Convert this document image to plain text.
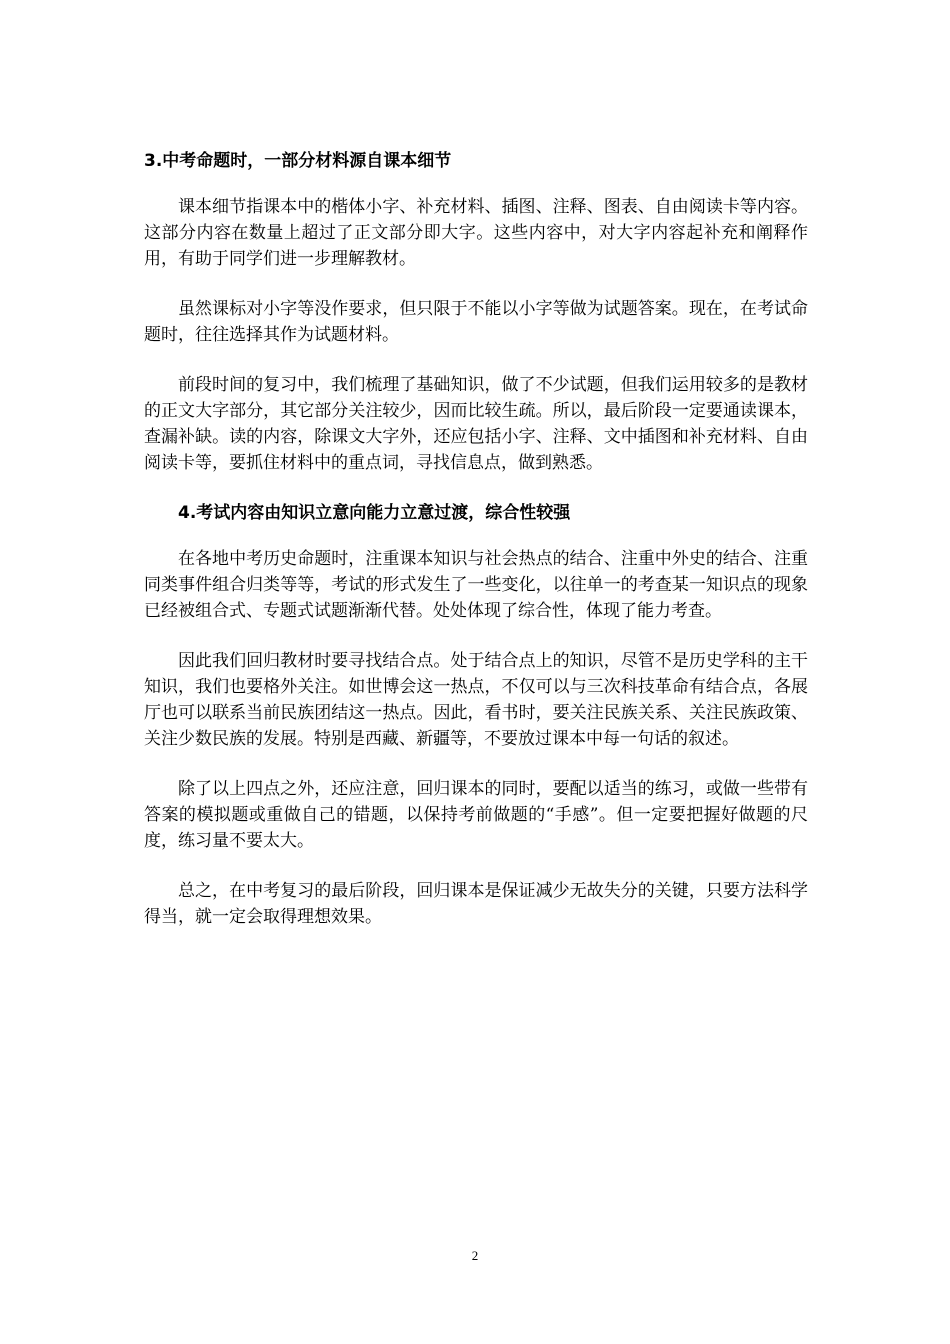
3.中考命题时，一部分材料源自课本细节

课本细节指课本中的楷体小字、补充材料、插图、注释、图表、自由阅读卡等内容。这部分内容在数量上超过了正文部分即大字。这些内容中，对大字内容起补充和阐释作用，有助于同学们进一步理解教材。

虽然课标对小字等没作要求，但只限于不能以小字等做为试题答案。现在，在考试命题时，往往选择其作为试题材料。

前段时间的复习中，我们梳理了基础知识，做了不少试题，但我们运用较多的是教材的正文大字部分，其它部分关注较少，因而比较生疏。所以，最后阶段一定要通读课本，查漏补缺。读的内容，除课文大字外，还应包括小字、注释、文中插图和补充材料、自由阅读卡等，要抓住材料中的重点词，寻找信息点，做到熟悉。

4.考试内容由知识立意向能力立意过渡，综合性较强

在各地中考历史命题时，注重课本知识与社会热点的结合、注重中外史的结合、注重同类事件组合归类等等，考试的形式发生了一些变化，以往单一的考查某一知识点的现象已经被组合式、专题式试题渐渐代替。处处体现了综合性，体现了能力考查。

因此我们回归教材时要寻找结合点。处于结合点上的知识，尽管不是历史学科的主干知识，我们也要格外关注。如世博会这一热点，不仅可以与三次科技革命有结合点，各展厅也可以联系当前民族团结这一热点。因此，看书时，要关注民族关系、关注民族政策、关注少数民族的发展。特别是西藏、新疆等，不要放过课本中每一句话的叙述。

除了以上四点之外，还应注意，回归课本的同时，要配以适当的练习，或做一些带有答案的模拟题或重做自己的错题，以保持考前做题的“手感”。但一定要把握好做题的尺度，练习量不要太大。

总之，在中考复习的最后阶段，回归课本是保证减少无故失分的关键，只要方法科学得当，就一定会取得理想效果。

2
